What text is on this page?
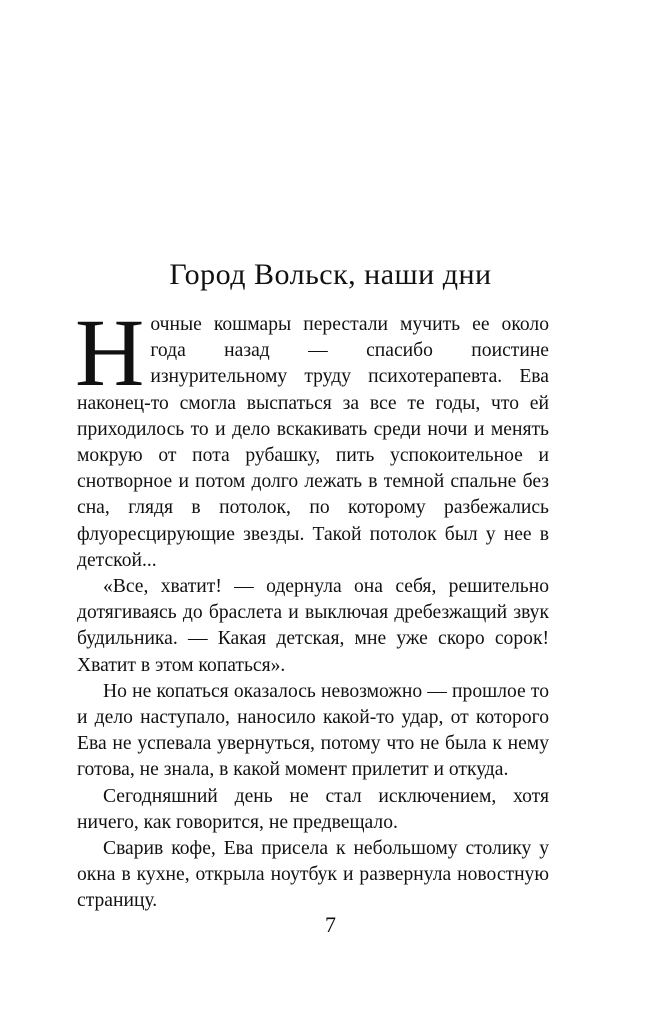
Город Вольск, наши дни

Ночные кошмары перестали мучить ее около года назад — спасибо поистине изнурительному труду психотерапевта. Ева наконец-то смогла выспаться за все те годы, что ей приходилось то и дело вскакивать среди ночи и менять мокрую от пота рубашку, пить успокоительное и снотворное и потом долго лежать в темной спальне без сна, глядя в потолок, по которому разбежались флуоресцирующие звезды. Такой потолок был у нее в детской...

«Все, хватит! — одернула она себя, решительно дотягиваясь до браслета и выключая дребезжащий звук будильника. — Какая детская, мне уже скоро сорок! Хватит в этом копаться».

Но не копаться оказалось невозможно — прошлое то и дело наступало, наносило какой-то удар, от которого Ева не успевала увернуться, потому что не была к нему готова, не знала, в какой момент прилетит и откуда.

Сегодняшний день не стал исключением, хотя ничего, как говорится, не предвещало.

Сварив кофе, Ева присела к небольшому столику у окна в кухне, открыла ноутбук и развернула новостную страницу.

7
